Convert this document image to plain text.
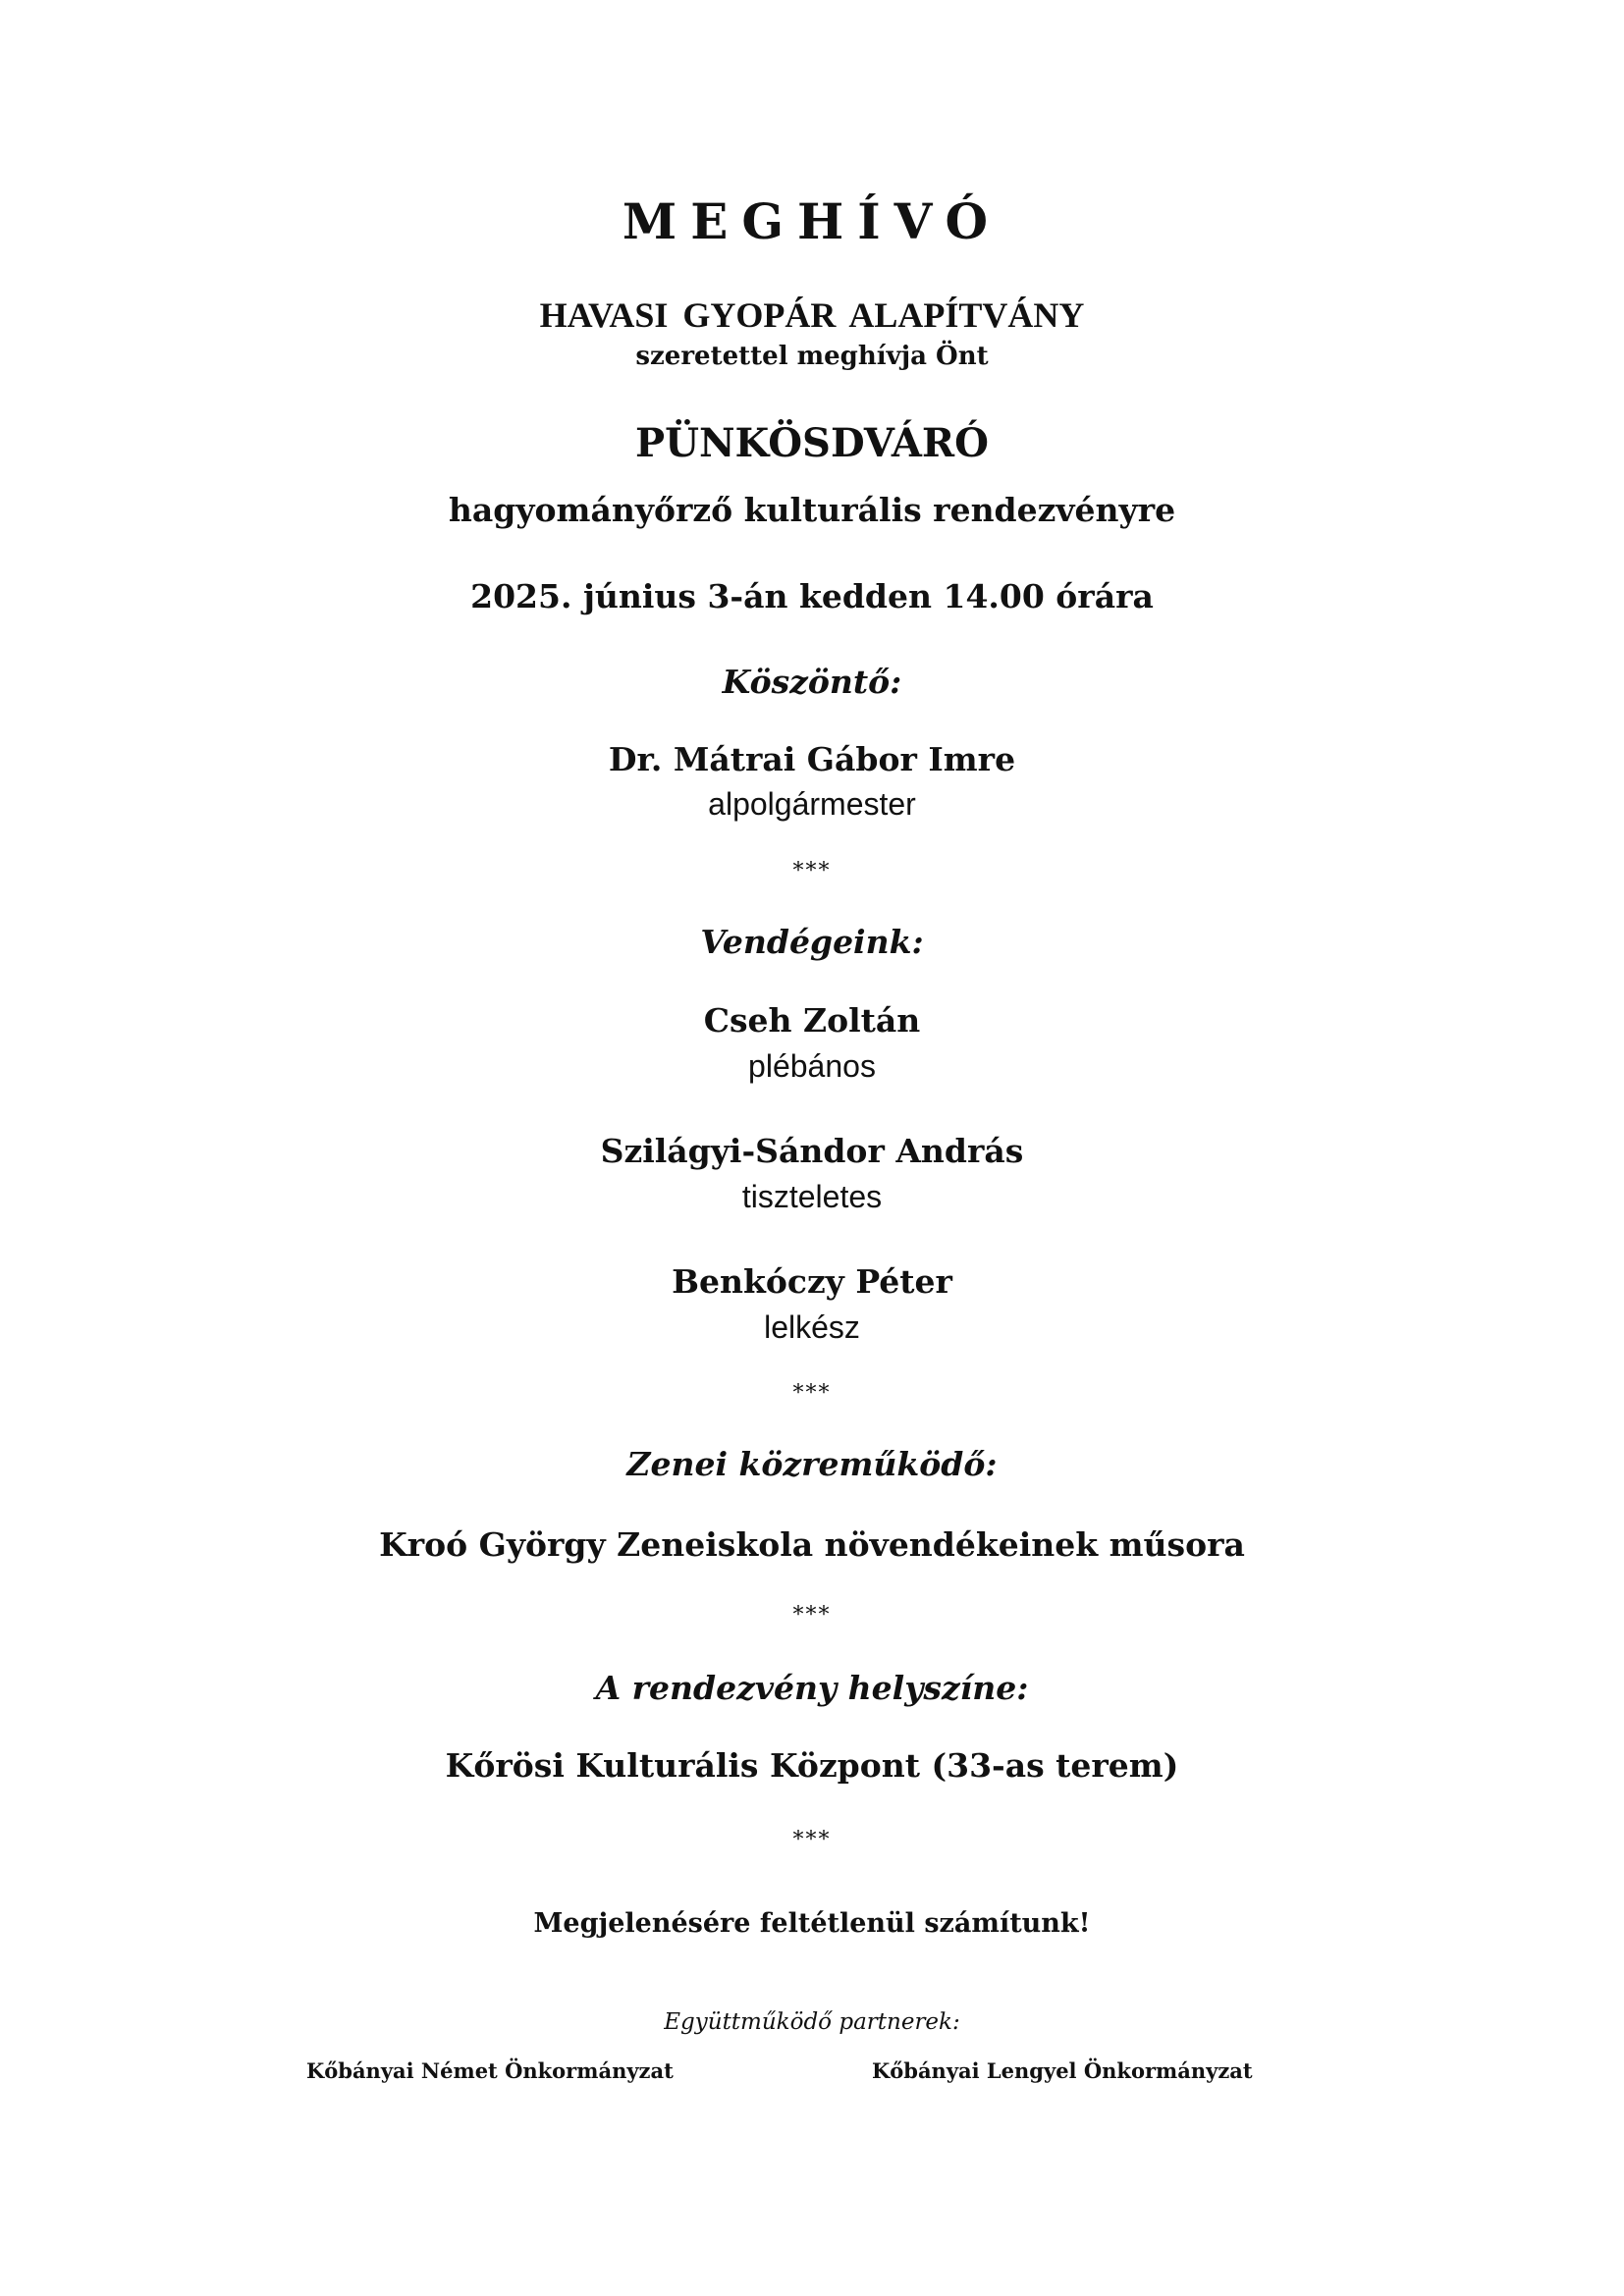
MEGHÍVÓ
HAVASI GYOPÁR ALAPÍTVÁNY
szeretettel meghívja Önt
PÜNKÖSDVÁRÓ
hagyományőrző kulturális rendezvényre
2025. június 3-án kedden 14.00 órára
Köszöntő:
Dr. Mátrai Gábor Imre
alpolgármester
***
Vendégeink:
Cseh Zoltán
plébános
Szilágyi-Sándor András
tiszteletes
Benkóczy Péter
lelkész
***
Zenei közreműködő:
Kroó György Zeneiskola növendékeinek műsora
***
A rendezvény helyszíne:
Kőrösi Kulturális Központ (33-as terem)
***
Megjelenésére feltétlenül számítunk!
Együttműködő partnerek:
Kőbányai Német Önkormányzat	Kőbányai Lengyel Önkormányzat
